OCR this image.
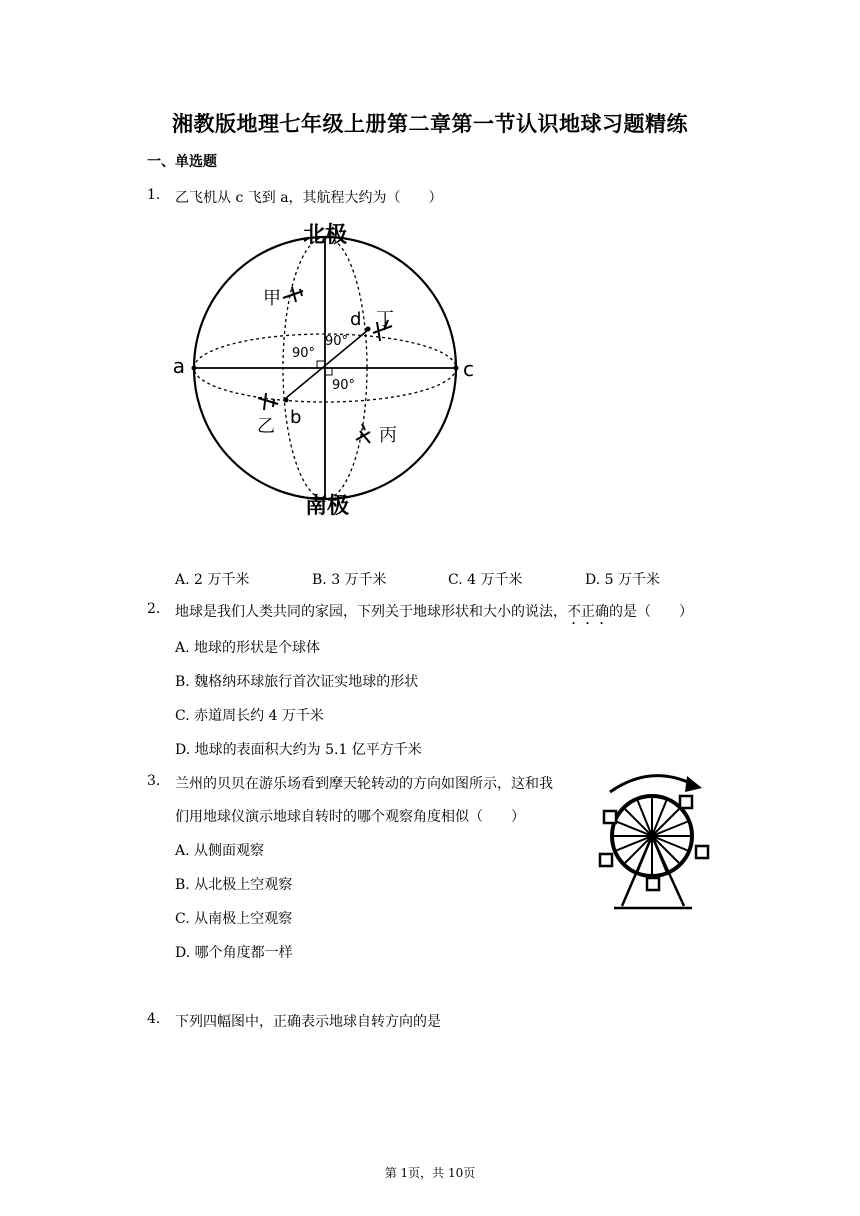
湘教版地理七年级上册第二章第一节认识地球习题精练
一、单选题
1. 乙飞机从 c 飞到 a，其航程大约为（　　）
北极
南极
a	c
b
d
甲
丁
乙	丙
90°
90°
90°
A. 2 万千米	B. 3 万千米	C. 4 万千米	D. 5 万千米
2. 地球是我们人类共同的家园，下列关于地球形状和大小的说法，不正确的是（　　）
A. 地球的形状是个球体
B. 魏格纳环球旅行首次证实地球的形状
C. 赤道周长约 4 万千米
D. 地球的表面积大约为 5.1 亿平方千米
3. 兰州的贝贝在游乐场看到摩天轮转动的方向如图所示，这和我
们用地球仪演示地球自转时的哪个观察角度相似（　　）
A. 从侧面观察
B. 从北极上空观察
C. 从南极上空观察
D. 哪个角度都一样
4. 下列四幅图中，正确表示地球自转方向的是
第 1页，共 10页
